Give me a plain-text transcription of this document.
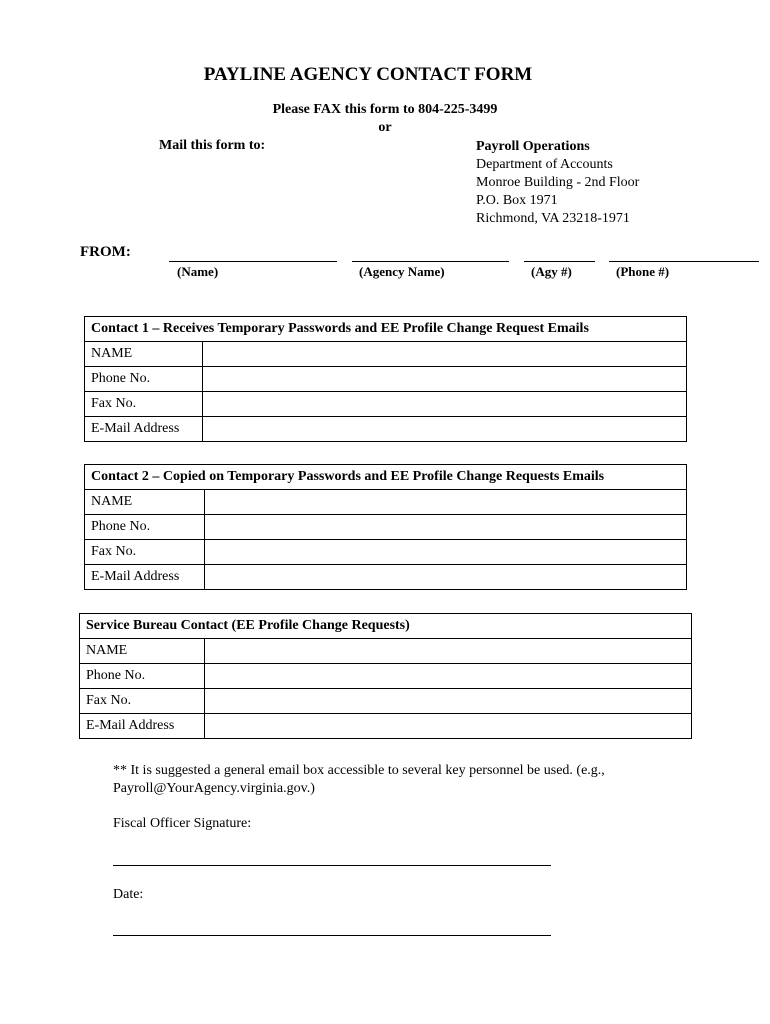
PAYLINE AGENCY CONTACT FORM
Please FAX this form to 804-225-3499
or
Mail this form to:	Payroll Operations
Department of Accounts
Monroe Building - 2nd Floor
P.O. Box 1971
Richmond, VA 23218-1971
FROM:
(Name)	(Agency Name)	(Agy #)	(Phone #)
Contact 1 – Receives Temporary Passwords and EE Profile Change Request Emails	
NAME	
Phone No.	
Fax No.	
E-Mail Address	
Contact 2 – Copied on Temporary Passwords and EE Profile Change Requests Emails	
NAME	
Phone No.	
Fax No.	
E-Mail Address	
Service Bureau Contact (EE Profile Change Requests)	
NAME	
Phone No.	
Fax No.	
E-Mail Address	
** It is suggested a general email box accessible to several key personnel be used. (e.g., Payroll@YourAgency.virginia.gov.)
Fiscal Officer Signature:
Date:
